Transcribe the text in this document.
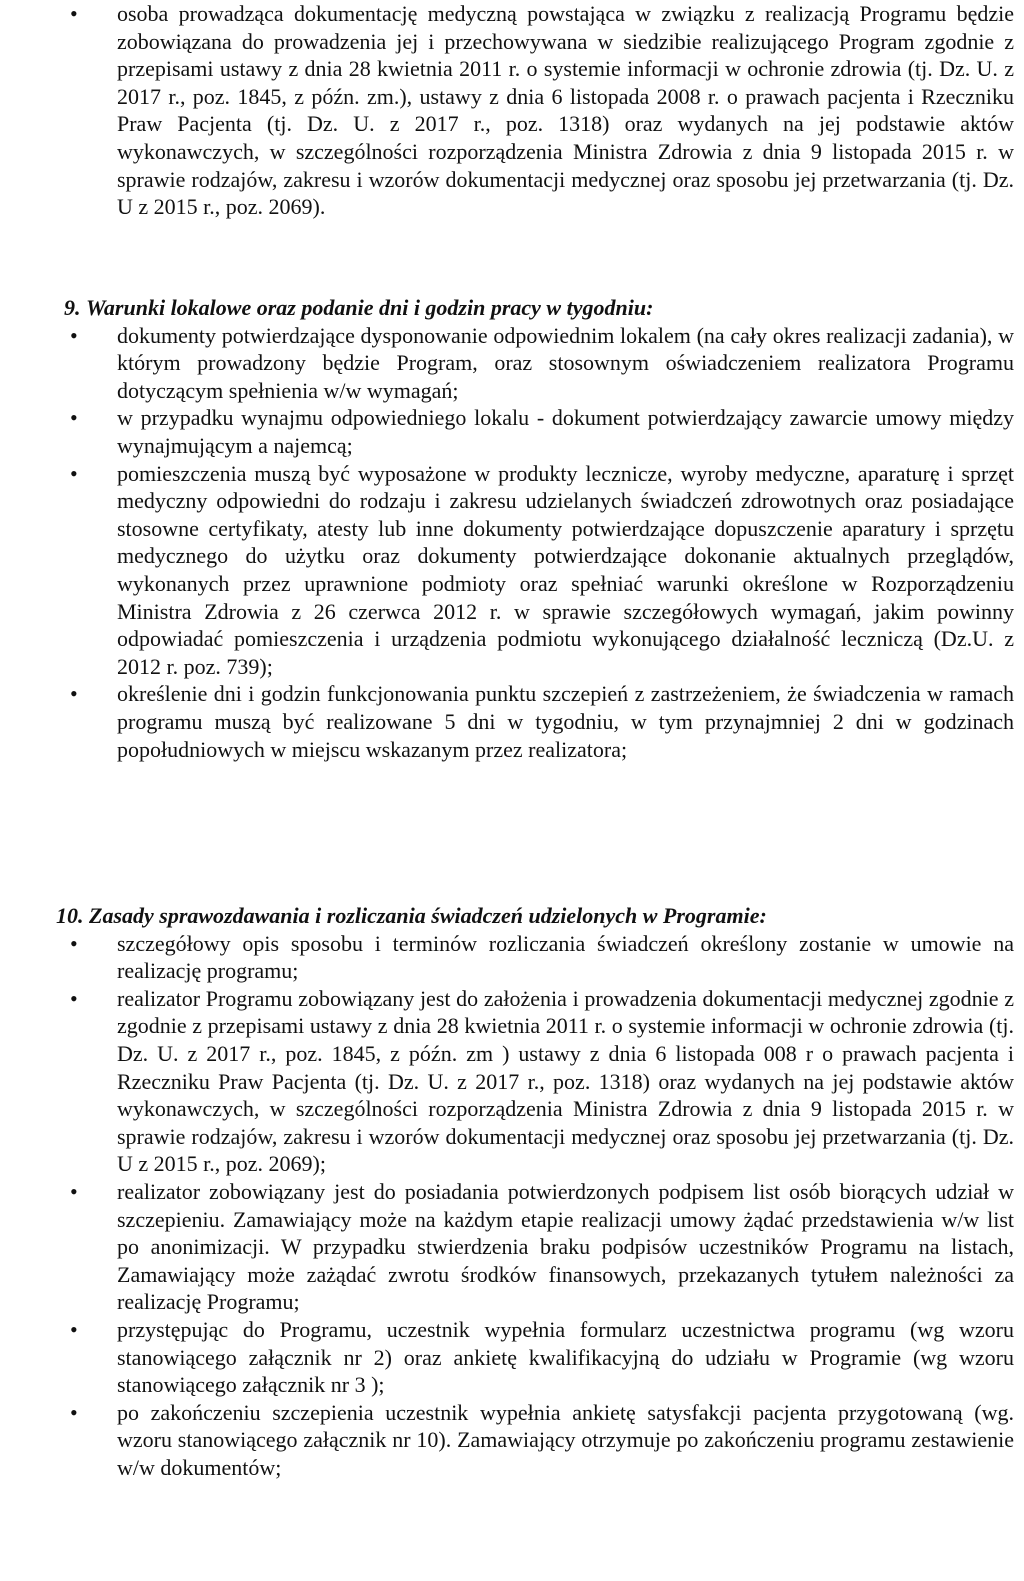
• osoba prowadząca dokumentację medyczną powstająca w związku z realizacją Programu będzie zobowiązana do prowadzenia jej i przechowywana w siedzibie realizującego Program zgodnie z przepisami ustawy z dnia 28 kwietnia 2011 r. o systemie informacji w ochronie zdrowia (tj. Dz. U. z 2017 r., poz. 1845, z późn. zm.), ustawy z dnia 6 listopada 2008 r. o prawach pacjenta i Rzeczniku Praw Pacjenta (tj. Dz. U. z 2017 r., poz. 1318) oraz wydanych na jej podstawie aktów wykonawczych, w szczególności rozporządzenia Ministra Zdrowia z dnia 9 listopada 2015 r. w sprawie rodzajów, zakresu i wzorów dokumentacji medycznej oraz sposobu jej przetwarzania (tj. Dz. U z 2015 r., poz. 2069).

9. Warunki lokalowe oraz podanie dni i godzin pracy w tygodniu:

• dokumenty potwierdzające dysponowanie odpowiednim lokalem (na cały okres realizacji zadania), w którym prowadzony będzie Program, oraz stosownym oświadczeniem realizatora Programu dotyczącym spełnienia w/w wymagań;
• w przypadku wynajmu odpowiedniego lokalu - dokument potwierdzający zawarcie umowy między wynajmującym a najemcą;
• pomieszczenia muszą być wyposażone w produkty lecznicze, wyroby medyczne, aparaturę i sprzęt medyczny odpowiedni do rodzaju i zakresu udzielanych świadczeń zdrowotnych oraz posiadające stosowne certyfikaty, atesty lub inne dokumenty potwierdzające dopuszczenie aparatury i sprzętu medycznego do użytku oraz dokumenty potwierdzające dokonanie aktualnych przeglądów, wykonanych przez uprawnione podmioty oraz spełniać warunki określone w Rozporządzeniu Ministra Zdrowia z 26 czerwca 2012 r. w sprawie szczegółowych wymagań, jakim powinny odpowiadać pomieszczenia i urządzenia podmiotu wykonującego działalność leczniczą (Dz.U. z 2012 r. poz. 739);
• określenie dni i godzin funkcjonowania punktu szczepień z zastrzeżeniem, że świadczenia w ramach programu muszą być realizowane 5 dni w tygodniu, w tym przynajmniej 2 dni w godzinach popołudniowych w miejscu wskazanym przez realizatora;

10. Zasady sprawozdawania i rozliczania świadczeń udzielonych w Programie:

• szczegółowy opis sposobu i terminów rozliczania świadczeń określony zostanie w umowie na realizację programu;
• realizator Programu zobowiązany jest do założenia i prowadzenia dokumentacji medycznej zgodnie z zgodnie z przepisami ustawy z dnia 28 kwietnia 2011 r. o systemie informacji w ochronie zdrowia (tj. Dz. U. z 2017 r., poz. 1845, z późn. zm ) ustawy z dnia 6 listopada 008 r o prawach pacjenta i Rzeczniku Praw Pacjenta (tj. Dz. U. z 2017 r., poz. 1318) oraz wydanych na jej podstawie aktów wykonawczych, w szczególności rozporządzenia Ministra Zdrowia z dnia 9 listopada 2015 r. w sprawie rodzajów, zakresu i wzorów dokumentacji medycznej oraz sposobu jej przetwarzania (tj. Dz. U z 2015 r., poz. 2069);
• realizator zobowiązany jest do posiadania potwierdzonych podpisem list osób biorących udział w szczepieniu. Zamawiający może na każdym etapie realizacji umowy żądać przedstawienia w/w list po anonimizacji. W przypadku stwierdzenia braku podpisów uczestników Programu na listach, Zamawiający może zażądać zwrotu środków finansowych, przekazanych tytułem należności za realizację Programu;
• przystępując do Programu, uczestnik wypełnia formularz uczestnictwa programu (wg wzoru stanowiącego załącznik nr 2) oraz ankietę kwalifikacyjną do udziału w Programie (wg wzoru stanowiącego załącznik nr 3 );
• po zakończeniu szczepienia uczestnik wypełnia ankietę satysfakcji pacjenta przygotowaną (wg. wzoru stanowiącego załącznik nr 10). Zamawiający otrzymuje po zakończeniu programu zestawienie w/w dokumentów;
